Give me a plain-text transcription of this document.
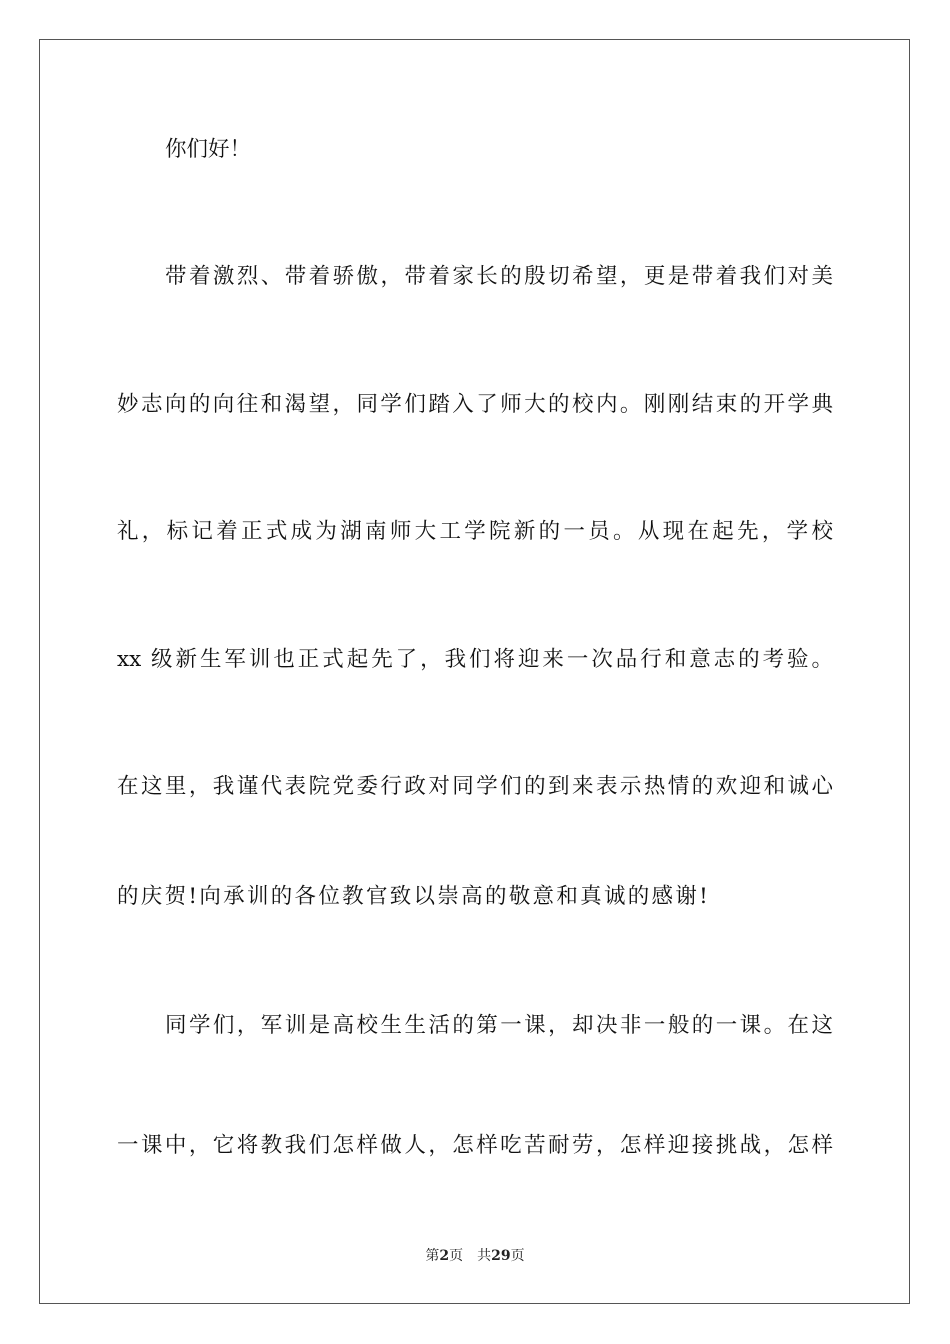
你们好！
带着激烈、带着骄傲，带着家长的殷切希望，更是带着我们对美
妙志向的向往和渴望，同学们踏入了师大的校内。刚刚结束的开学典
礼，标记着正式成为湖南师大工学院新的一员。从现在起先，学校
xx 级新生军训也正式起先了，我们将迎来一次品行和意志的考验。
在这里，我谨代表院党委行政对同学们的到来表示热情的欢迎和诚心
的庆贺!向承训的各位教官致以崇高的敬意和真诚的感谢!
同学们，军训是高校生生活的第一课，却决非一般的一课。在这
一课中，它将教我们怎样做人，怎样吃苦耐劳，怎样迎接挑战，怎样
第2页 共29页
